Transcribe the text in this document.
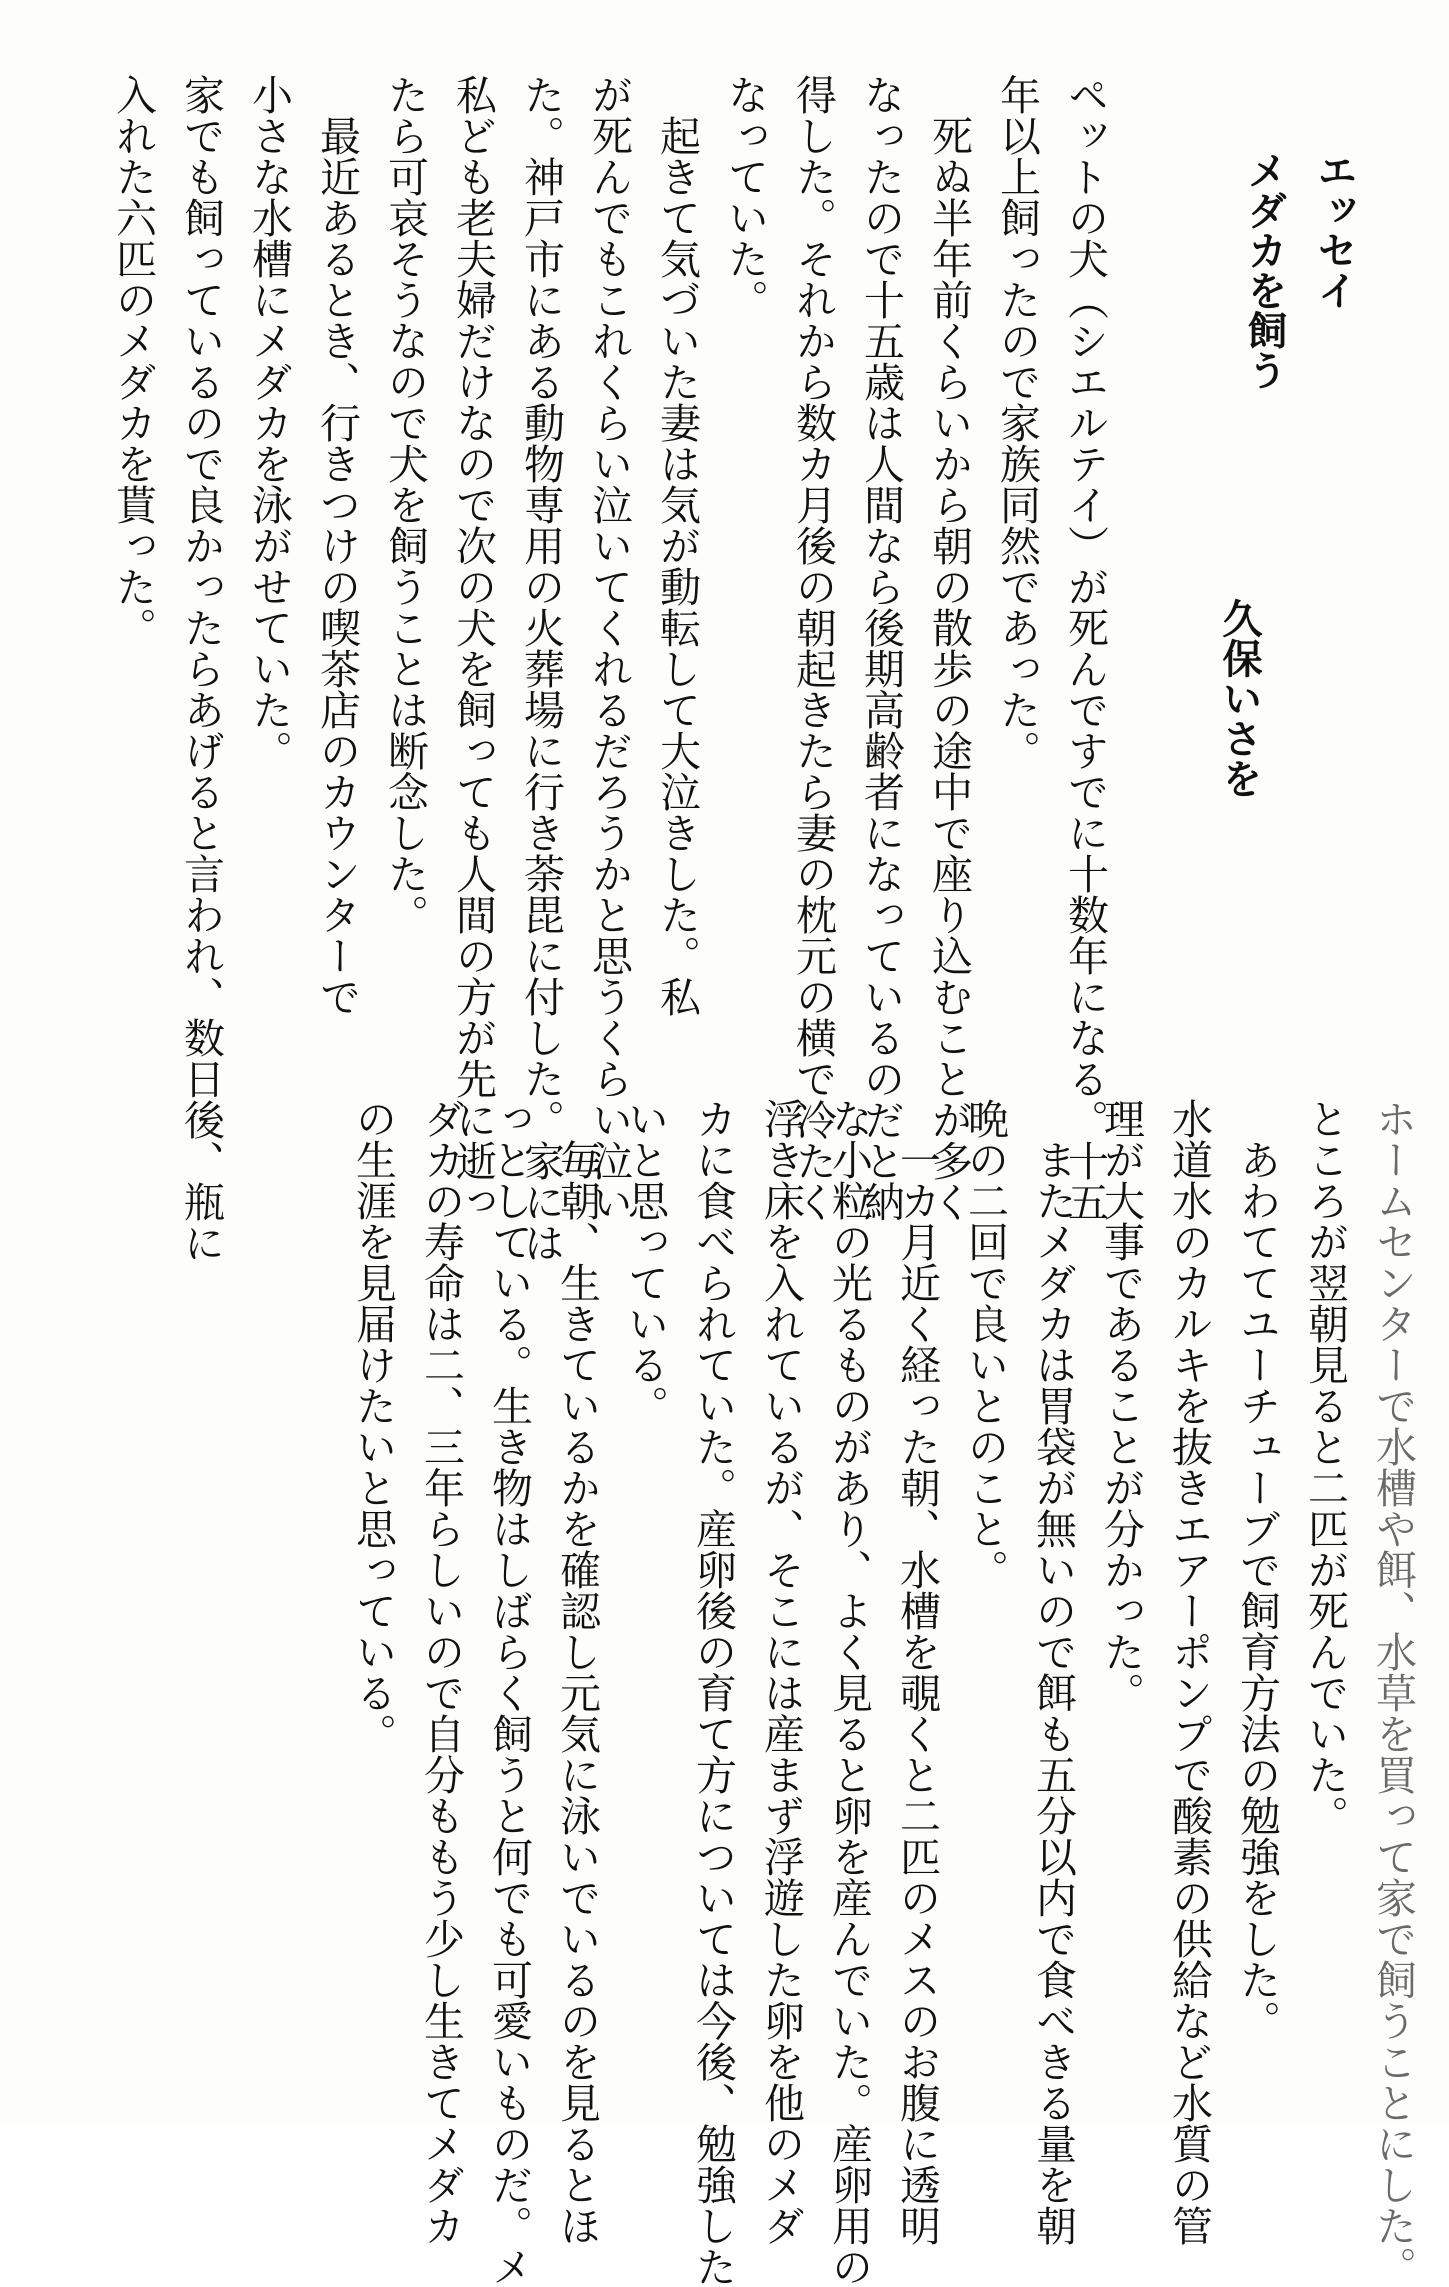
エッセイ
メダカを飼う
久保いさを
ペットの犬（シエルテイ）が死んですでに十数年になる。十五
年以上飼ったので家族同然であった。
　死ぬ半年前くらいから朝の散歩の途中で座り込むことが多く
なったので十五歳は人間なら後期高齢者になっているのだと納
得した。それから数カ月後の朝起きたら妻の枕元の横で冷たく
なっていた。
　起きて気づいた妻は気が動転して大泣きした。私
が死んでもこれくらい泣いてくれるだろうかと思うくらい泣い
た。神戸市にある動物専用の火葬場に行き荼毘に付した。家には
私ども老夫婦だけなので次の犬を飼っても人間の方が先に逝っ
たら可哀そうなので犬を飼うことは断念した。
　最近あるとき、行きつけの喫茶店のカウンターで
小さな水槽にメダカを泳がせていた。
家でも飼っているので良かったらあげると言われ、数日後、瓶に
入れた六匹のメダカを貰った。
ホームセンターで水槽や餌、水草を買って家で飼うことにした。
ところが翌朝見ると二匹が死んでいた。
　あわててユーチューブで飼育方法の勉強をした。
水道水のカルキを抜きエアーポンプで酸素の供給など水質の管
理が大事であることが分かった。
　またメダカは胃袋が無いので餌も五分以内で食べきる量を朝
晩の二回で良いとのこと。
　一カ月近く経った朝、水槽を覗くと二匹のメスのお腹に透明
な小粒の光るものがあり、よく見ると卵を産んでいた。産卵用の
浮き床を入れているが、そこには産まず浮遊した卵を他のメダ
カに食べられていた。産卵後の育て方については今後、勉強した
いと思っている。
　毎朝、生きているかを確認し元気に泳いでいるのを見るとほ
っとしている。生き物はしばらく飼うと何でも可愛いものだ。メ
ダカの寿命は二、三年らしいので自分ももう少し生きてメダカ
の生涯を見届けたいと思っている。
